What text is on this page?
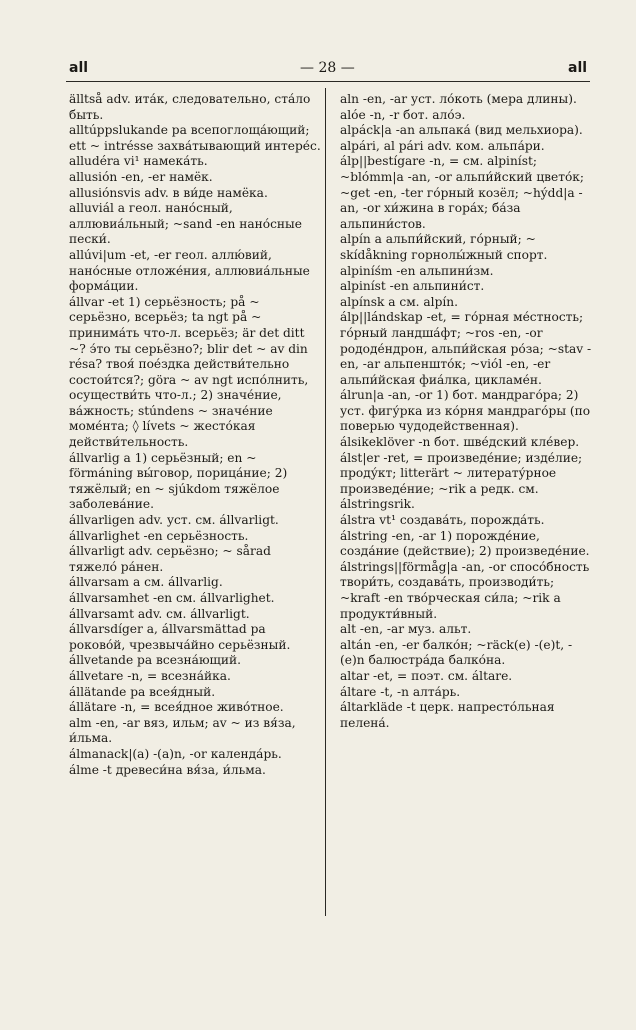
all	— 28 —	all

älltså adv. ита́к, следовательно, ста́ло быть.

alltúppslukande pa всепоглоща́ющий; ett ~ intrésse захва́тывающий интере́с.

alludéra vi¹ намека́ть.

allusión -en, -er намёк.

allusiónsvis adv. в ви́де намёка.

alluviál a геол. нано́сный, аллювиа́льный; ~sand -en нано́сные пески́.

allúvi|um -et, -er геол. аллю́вий, нано́сные отложе́ния, аллювиа́льные форма́ции.

állvar -et 1) серьёзность; på ~ серьёзно, всерьёз; ta ngt på ~ принима́ть что-л. всерьёз; är det ditt ~? э́то ты серьёзно?; blir det ~ av din résa? твоя́ пое́здка действи́тельно состои́тся?; göra ~ av ngt испо́лнить, осуществи́ть что-л.; 2) значе́ние, ва́жность; stúndens ~ значе́ние моме́нта; ◊ lívets ~ жесто́кая действи́тельность.

állvarlig a 1) серьёзный; en ~ förmáning вы́говор, порица́ние; 2) тяжёлый; en ~ sjúkdom тяжёлое заболева́ние.

állvarligen adv. уст. см. állvarligt.

állvarlighet -en серьёзность.

állvarligt adv. серьёзно; ~ sårad тяжело́ ра́нен.

állvarsam a см. állvarlig.

állvarsamhet -en см. állvarlighet.

állvarsamt adv. см. állvarligt.

állvarsdíger a, állvarsmättad pa роково́й, чрезвыча́йно серьёзный.

állvetande pa всезна́ющий.

állvetare -n, = всезна́йка.

állätande pa всея́дный.

állätare -n, = всея́дное живо́тное.

alm -en, -ar вяз, ильм; av ~ из вя́за, и́льма.

álmanack|(a) -(a)n, -or календа́рь.

álme -t древеси́на вя́за, и́льма.

aln -en, -ar уст. ло́коть (мера длины).

alóe -n, -r бот. ало́э.

alpáck|a -an альпака́ (вид мельхиора).

alpári, al pári adv. ком. альпа́ри.

álp||bestígare -n, = см. alpiníst; ~blómm|a -an, -or альпи́йский цвето́к; ~get -en, -ter го́рный козёл; ~hýdd|a -an, -or хи́жина в гора́х; ба́за альпини́стов.

alpín a альпи́йский, го́рный; ~ skídåkning горнолы́жный спорт.

alpiníśm -en альпини́зм.

alpiníst -en альпини́ст.

alpínsk a см. alpín.

álp||lándskap -et, = го́рная ме́стность; го́рный ландша́фт; ~ros -en, -or рододе́ндрон, альпи́йская ро́за; ~stav -en, -ar альпеншто́к; ~viól -en, -er альпи́йская фиа́лка, цикламе́н.

álrun|a -an, -or 1) бот. мандраго́ра; 2) уст. фигу́рка из ко́рня мандраго́ры (по поверью чудодейственная).

álsikeklöver -n бот. шве́дский кле́вер.

álst|er -ret, = произведе́ние; изде́лие; проду́кт; litterärt ~ литерату́рное произведе́ние; ~rik a редк. см. álstringsrik.

álstra vt¹ создава́ть, порожда́ть.

álstring -en, -ar 1) порожде́ние, созда́ние (действие); 2) произведе́ние.

álstrings||förmåg|a -an, -or спосо́бность твори́ть, создава́ть, производи́ть; ~kraft -en тво́рческая си́ла; ~rik a продукти́вный.

alt -en, -ar муз. альт.

altán -en, -er балко́н; ~räck(e) -(e)t, -(e)n балюстра́да балко́на.

altar -et, = поэт. см. áltare.

áltare -t, -n алта́рь.

áltarkläde -t церк. напресто́льная пелена́.
